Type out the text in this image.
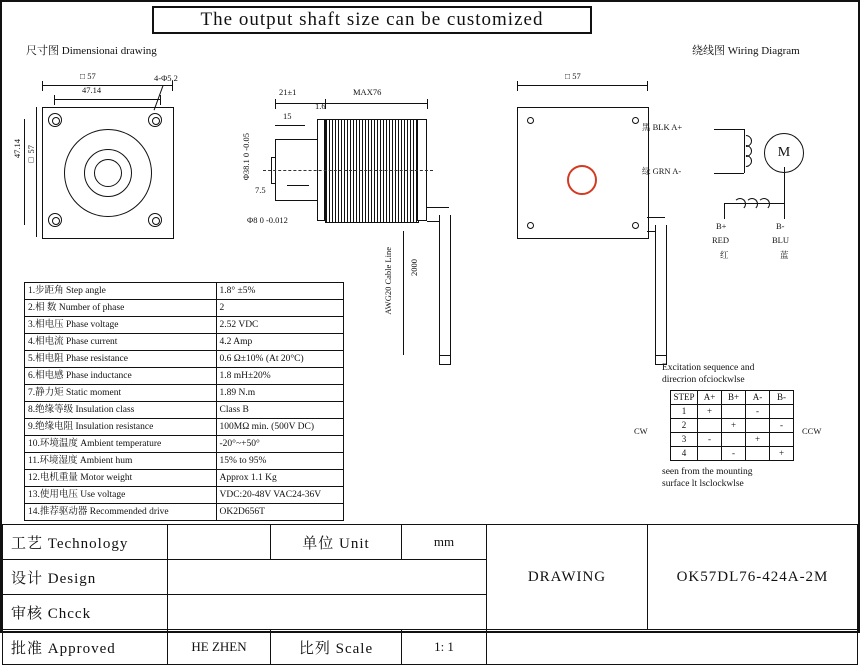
The output shaft size can be customized
尺寸图 Dimensionai drawing	绕线图 Wiring Diagram
□ 57
47.14
47.14 □ 57
4-Φ5.2
21±1	MAX76
15
1.6
7.5
Φ38.1 0 -0.05
Φ8 0 -0.012
AWG20 Cable Line 2000
□ 57
黑 BLK A+
绿 GRN A-
M
B+	B-
RED	BLU
红	蓝
Excitation sequence and
direcrion ofciockwlse
STEP	A+	B+	A-	B-
1	+		-	
2		+		-
3	-		+	
4		-		+
CW	CCW
seen from the mounting
surface lt lsclockwlse
1.步距角 Step angle	1.8° ±5%
2.相 数 Number of phase	2
3.相电压 Phase voltage	2.52 VDC
4.相电流 Phase current	4.2 Amp
5.相电阻 Phase resistance	0.6 Ω±10% (At 20°C)
6.相电感 Phase inductance	1.8 mH±20%
7.静力矩 Static moment	1.89 N.m
8.绝缘等级 Insulation class	Class B
9.绝缘电阻 Insulation resistance	100MΩ min. (500V DC)
10.环境温度 Ambient temperature	-20°~+50°
11.环境湿度 Ambient hum	15% to 95%
12.电机重量 Motor weight	Approx 1.1 Kg
13.使用电压 Use voltage	VDC:20-48V VAC24-36V
14.推荐驱动器 Recommended drive	OK2D656T
工艺 Technology		单位 Unit	mm	DRAWING	OK57DL76-424A-2M
设计 Design					
审核 Chcck					
批准 Approved	HE ZHEN	比列 Scale	1: 1		
